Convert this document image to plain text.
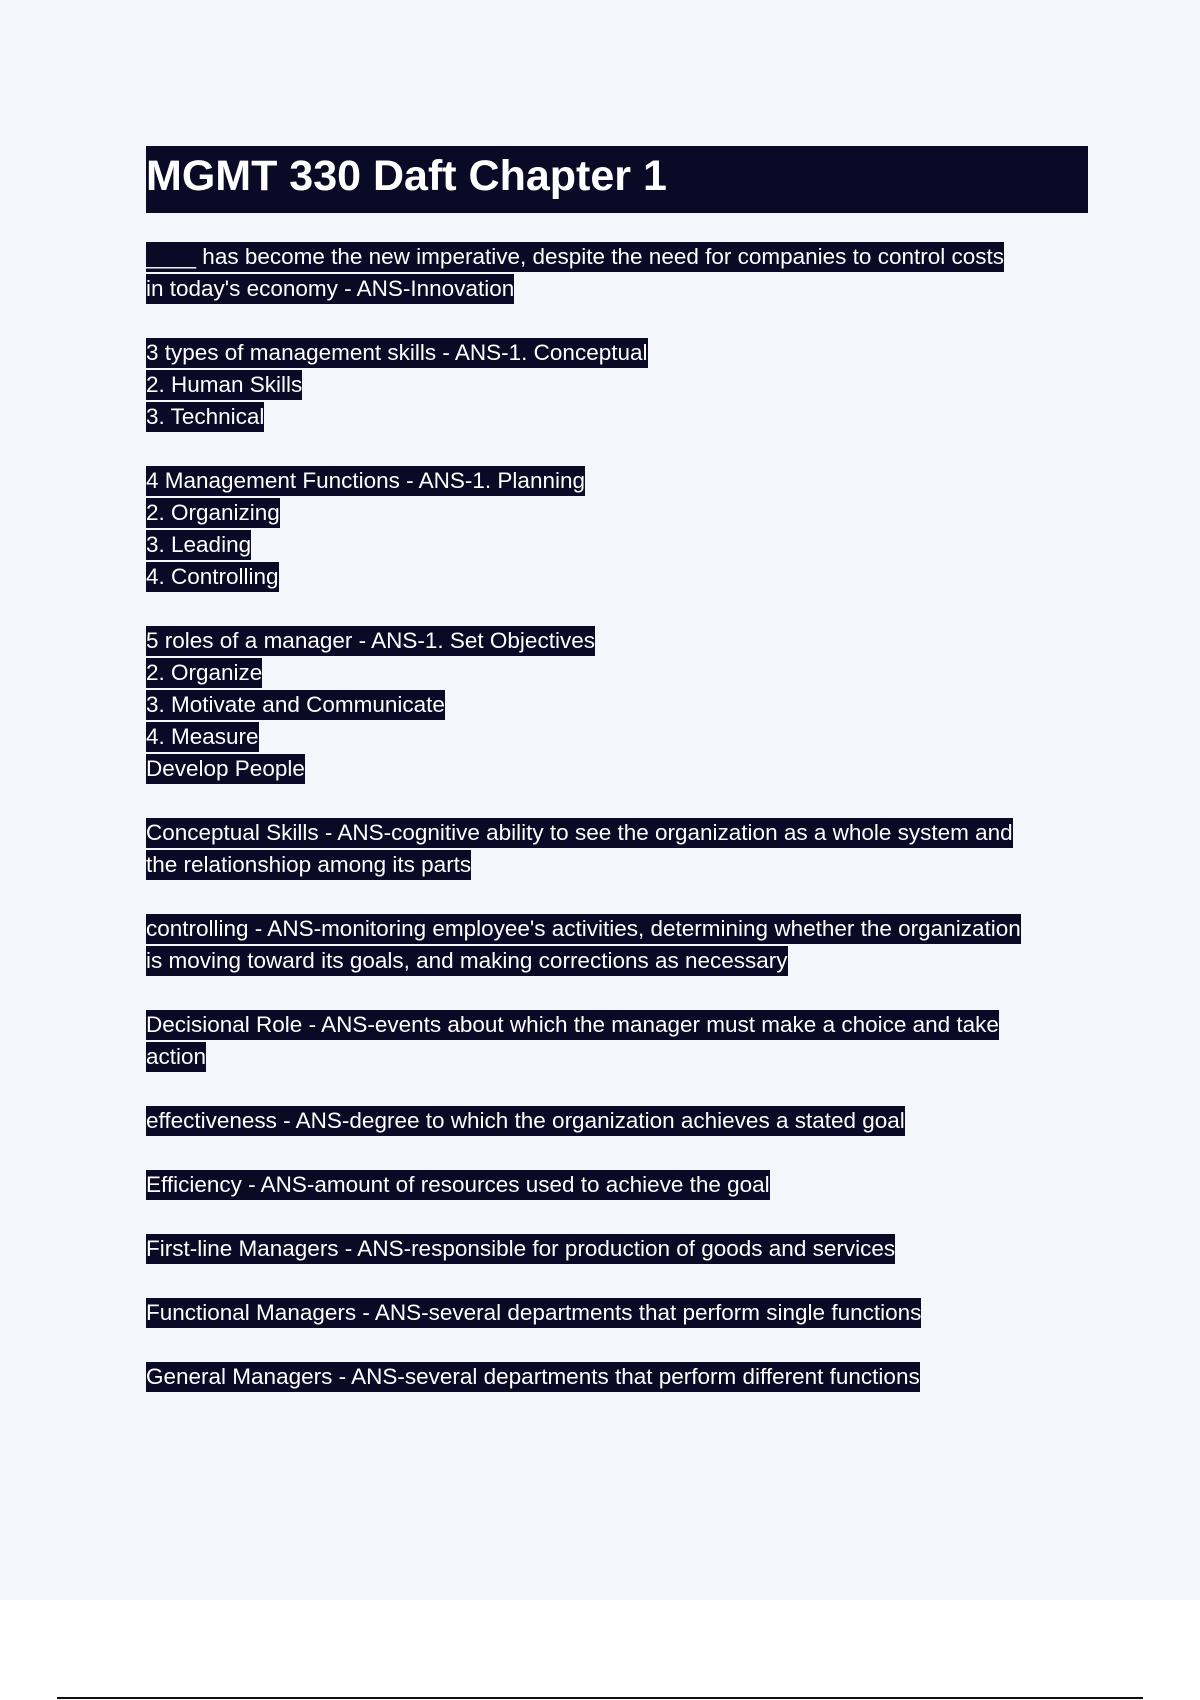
MGMT 330 Daft Chapter 1
____ has become the new imperative, despite the need for companies to control costs
in today's economy - ANS-Innovation
3 types of management skills - ANS-1. Conceptual
2. Human Skills
3. Technical
4 Management Functions - ANS-1. Planning
2. Organizing
3. Leading
4. Controlling
5 roles of a manager - ANS-1. Set Objectives
2. Organize
3. Motivate and Communicate
4. Measure
Develop People
Conceptual Skills - ANS-cognitive ability to see the organization as a whole system and
the relationshiop among its parts
controlling - ANS-monitoring employee's activities, determining whether the organization
is moving toward its goals, and making corrections as necessary
Decisional Role - ANS-events about which the manager must make a choice and take
action
effectiveness - ANS-degree to which the organization achieves a stated goal
Efficiency - ANS-amount of resources used to achieve the goal
First-line Managers - ANS-responsible for production of goods and services
Functional Managers - ANS-several departments that perform single functions
General Managers - ANS-several departments that perform different functions
